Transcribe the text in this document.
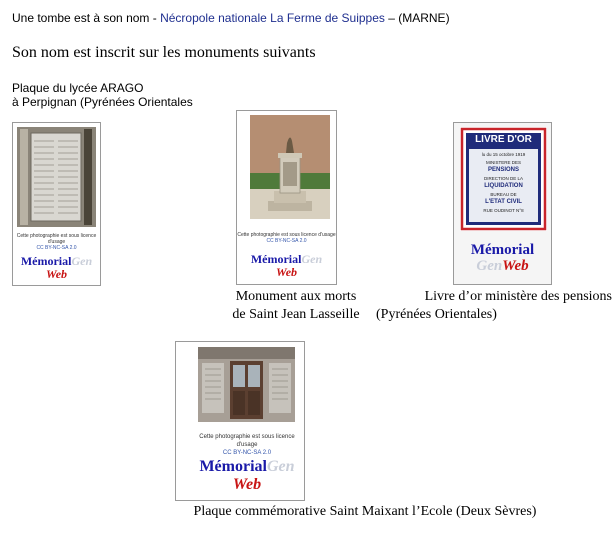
Une tombe est à son nom - Nécropole nationale La Ferme de Suippes – (MARNE)
Son nom est inscrit sur les monuments suivants
Plaque du lycée ARAGO
à Perpignan (Pyrénées Orientales
Cette photographie est sous licence d'usage
CC BY-NC-SA 2.0
MémorialGen
Web
Cette photographie est sous licence d'usage
CC BY-NC-SA 2.0
MémorialGen
Web
LIVRE D'OR
lu du 15 octobre 1919
MINISTERE DES
PENSIONS
DIRECTION DE LA
LIQUIDATION
BUREAU DE
L'ETAT CIVIL
RUE OUDINOT N°8
Mémorial
GenWeb
Monument aux morts
de Saint Jean Lasseille
Livre d’or ministère des pensions
(Pyrénées Orientales)
Cette photographie est sous licence d'usage
CC BY-NC-SA 2.0
MémorialGen
Web
Plaque commémorative Saint Maixant l’Ecole (Deux Sèvres)
